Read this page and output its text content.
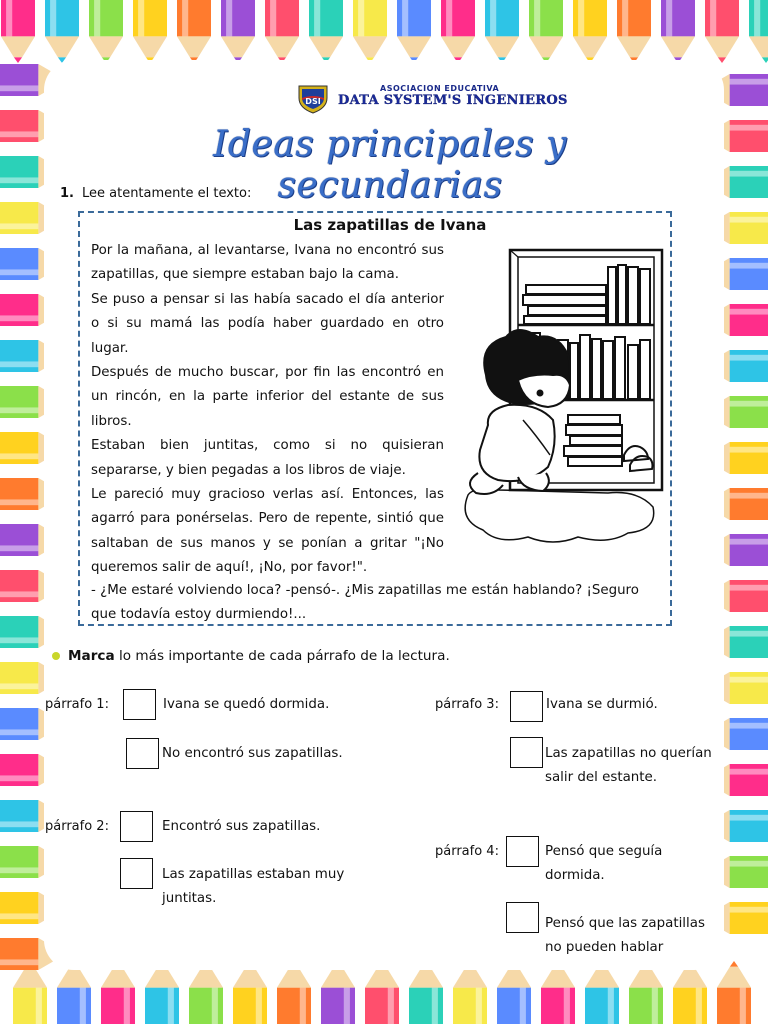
DSI
ASOCIACION EDUCATIVA
DATA SYSTEM'S INGENIEROS
Ideas principales y secundarias
1. Lee atentamente el texto:
Las zapatillas de Ivana

Por la mañana, al levantarse, Ivana no encontró sus zapatillas, que siempre estaban bajo la cama.

Se puso a pensar si las había sacado el día anterior o si su mamá las podía haber guardado en otro lugar.

Después de mucho buscar, por fin las encontró en un rincón, en la parte inferior del estante de sus libros.

Estaban bien juntitas, como si no quisieran separarse, y bien pegadas a los libros de viaje.

Le pareció muy gracioso verlas así. Entonces, las agarró para ponérselas. Pero de repente, sintió que saltaban de sus manos y se ponían a gritar "¡No queremos salir de aquí!, ¡No, por favor!".

- ¿Me estaré volviendo loca? -pensó-. ¿Mis zapatillas me están hablando? ¡Seguro que todavía estoy durmiendo!...
Marca lo más importante de cada párrafo de la lectura.
párrafo 1:	Ivana se quedó dormida.
No encontró sus zapatillas.
párrafo 2:	Encontró sus zapatillas.
Las zapatillas estaban muy juntitas.
párrafo 3:	Ivana se durmió.
Las zapatillas no querían salir del estante.
párrafo 4:	Pensó que seguía dormida.
Pensó que las zapatillas no pueden hablar
